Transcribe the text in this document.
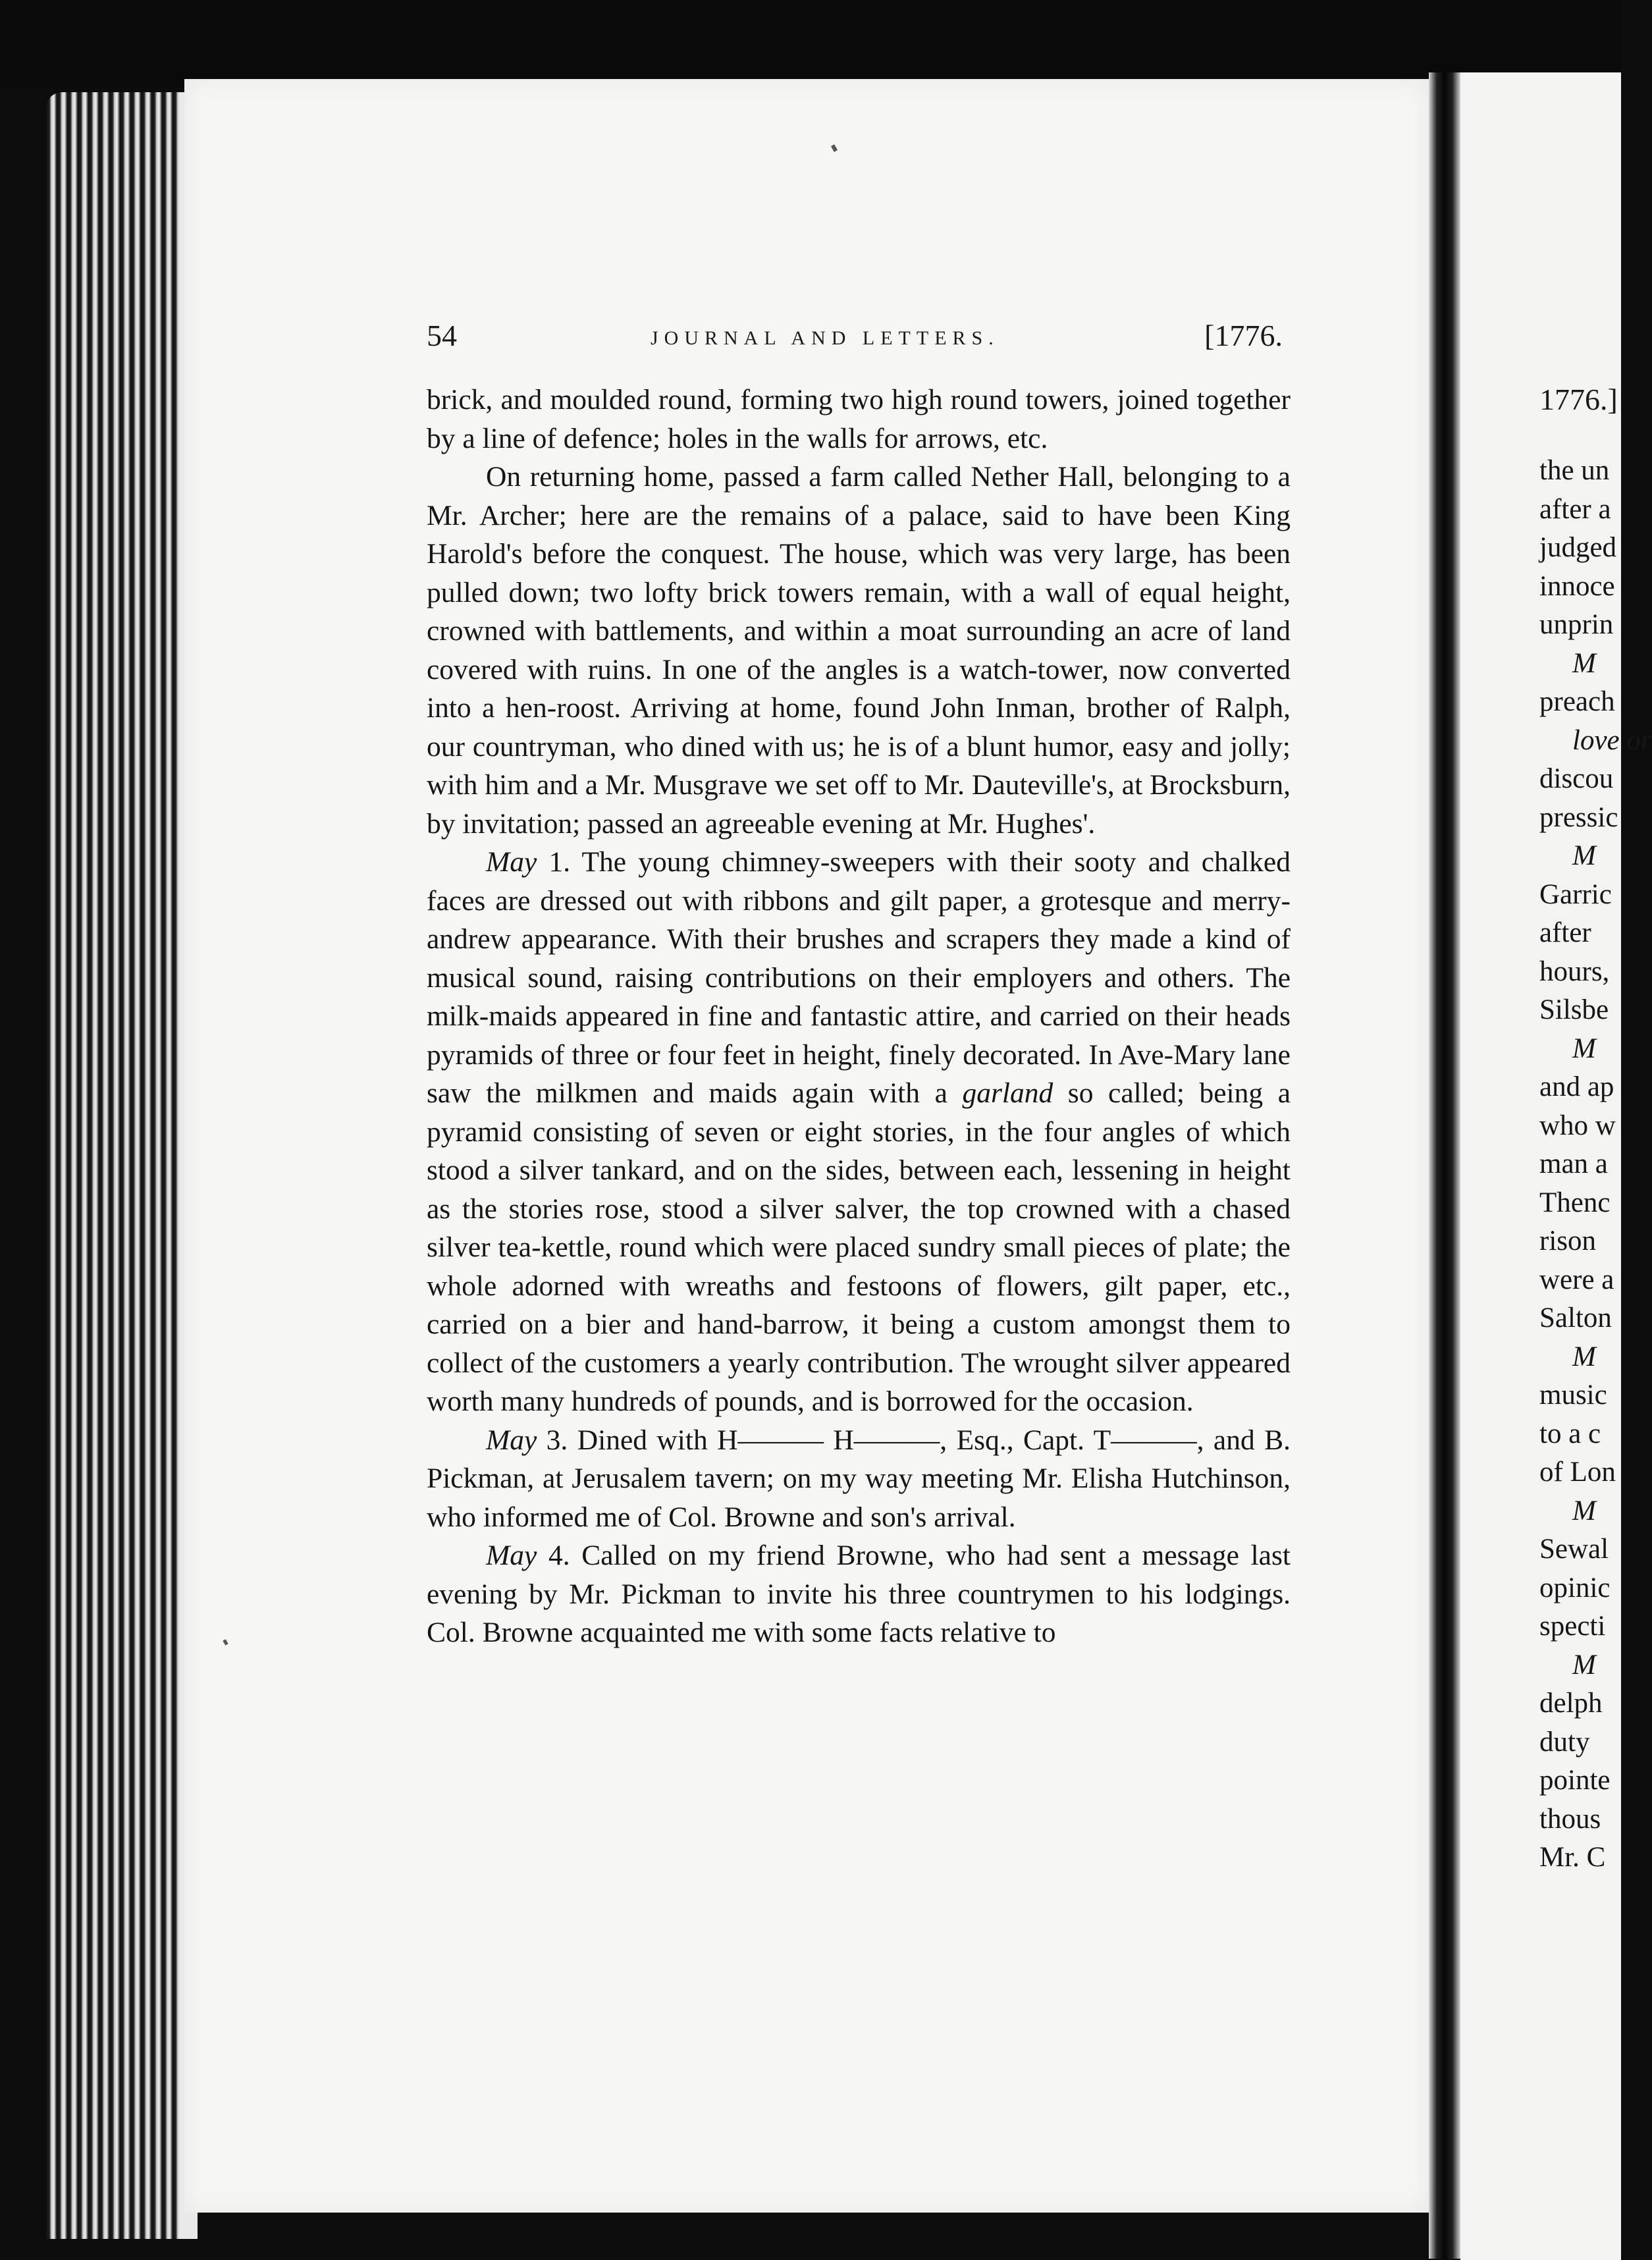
54	JOURNAL AND LETTERS.	[1776.

brick, and moulded round, forming two high round towers, joined together by a line of defence; holes in the walls for arrows, etc.

On returning home, passed a farm called Nether Hall, belonging to a Mr. Archer; here are the remains of a palace, said to have been King Harold's before the conquest. The house, which was very large, has been pulled down; two lofty brick towers remain, with a wall of equal height, crowned with battlements, and within a moat surrounding an acre of land covered with ruins. In one of the angles is a watch-tower, now converted into a hen-roost. Arriving at home, found John Inman, brother of Ralph, our countryman, who dined with us; he is of a blunt humor, easy and jolly; with him and a Mr. Musgrave we set off to Mr. Dauteville's, at Brocksburn, by invitation; passed an agreeable evening at Mr. Hughes'.

May 1. The young chimney-sweepers with their sooty and chalked faces are dressed out with ribbons and gilt paper, a grotesque and merry-andrew appearance. With their brushes and scrapers they made a kind of musical sound, raising contributions on their employers and others. The milk-maids appeared in fine and fantastic attire, and carried on their heads pyramids of three or four feet in height, finely decorated. In Ave-Mary lane saw the milkmen and maids again with a garland so called; being a pyramid consisting of seven or eight stories, in the four angles of which stood a silver tankard, and on the sides, between each, lessening in height as the stories rose, stood a silver salver, the top crowned with a chased silver tea-kettle, round which were placed sundry small pieces of plate; the whole adorned with wreaths and festoons of flowers, gilt paper, etc., carried on a bier and hand-barrow, it being a custom amongst them to collect of the customers a yearly contribution. The wrought silver appeared worth many hundreds of pounds, and is borrowed for the occasion.

May 3. Dined with H——— H———, Esq., Capt. T———, and B. Pickman, at Jerusalem tavern; on my way meeting Mr. Elisha Hutchinson, who informed me of Col. Browne and son's arrival.

May 4. Called on my friend Browne, who had sent a message last evening by Mr. Pickman to invite his three countrymen to his lodgings. Col. Browne acquainted me with some facts relative to

1776.]
the un
after a
judged
innoce
unprin
M
preach
love or
discou
pressic
M
Garric
after
hours,
Silsbe
M
and ap
who w
man a
Thenc
rison
were a
Salton
M
music
to a c
of Lon
M
Sewal
opinic
specti
M
delph
duty
pointe
thous
Mr. C
